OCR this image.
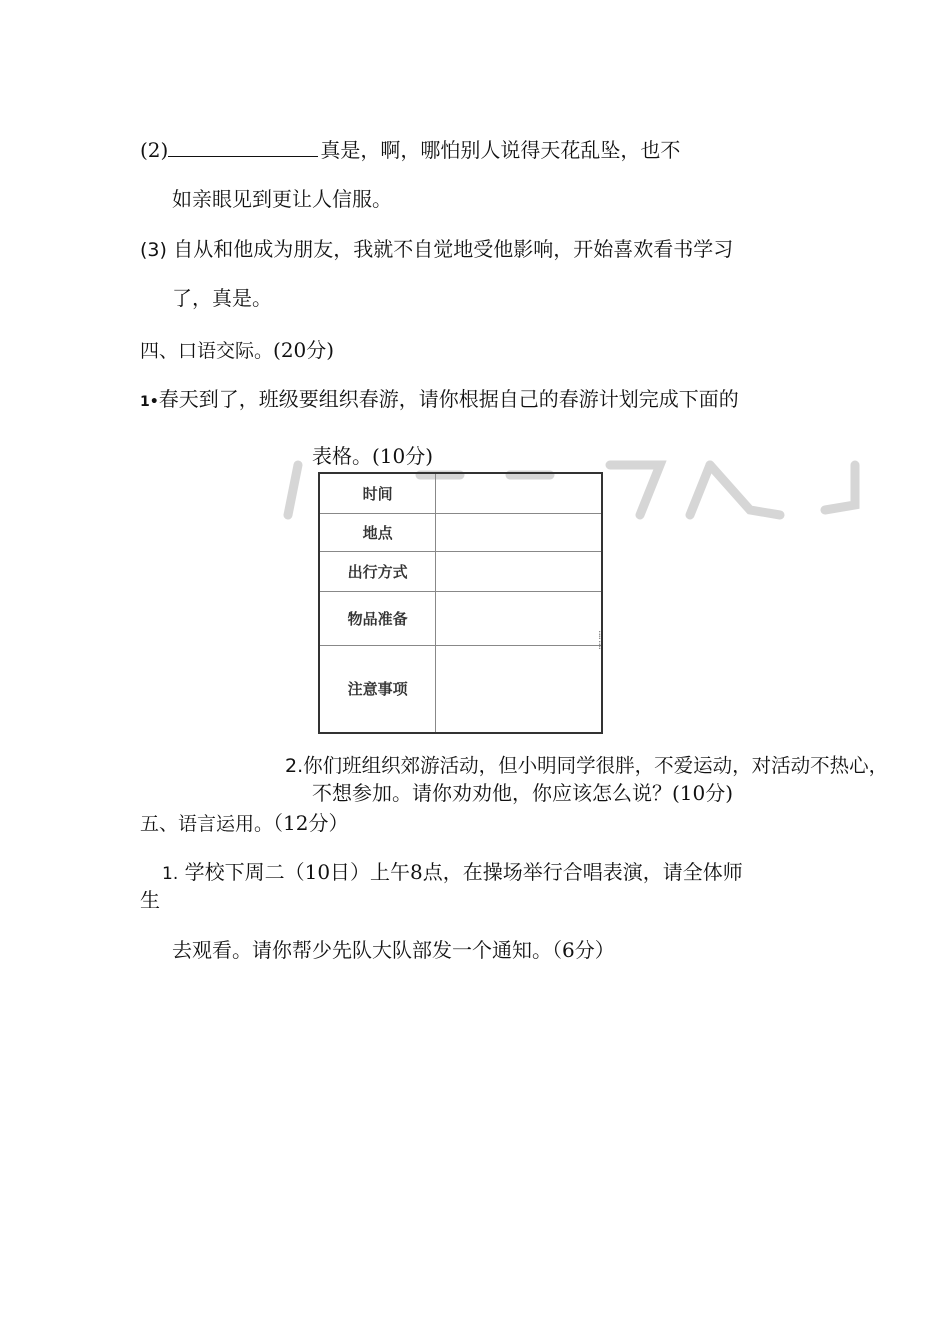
(2)	真是，啊，哪怕别人说得天花乱坠，也不
如亲眼见到更让人信服。
(3) 自从和他成为朋友，我就不自觉地受他影响，开始喜欢看书学习
了，真是。
四、口语交际。(20分)
1•春天到了，班级要组织春游，请你根据自己的春游计划完成下面的
表格。(10分)
时间	
地点	
出行方式	
物品准备	
注意事项	
⁞
⁞
2.你们班组织郊游活动，但小明同学很胖，不爱运动，对活动不热心，
不想参加。请你劝劝他，你应该怎么说？(10分)
五、语言运用。（12分）
1. 学校下周二（10日）上午8点，在操场举行合唱表演，请全体师
生
去观看。请你帮少先队大队部发一个通知。（6分）
